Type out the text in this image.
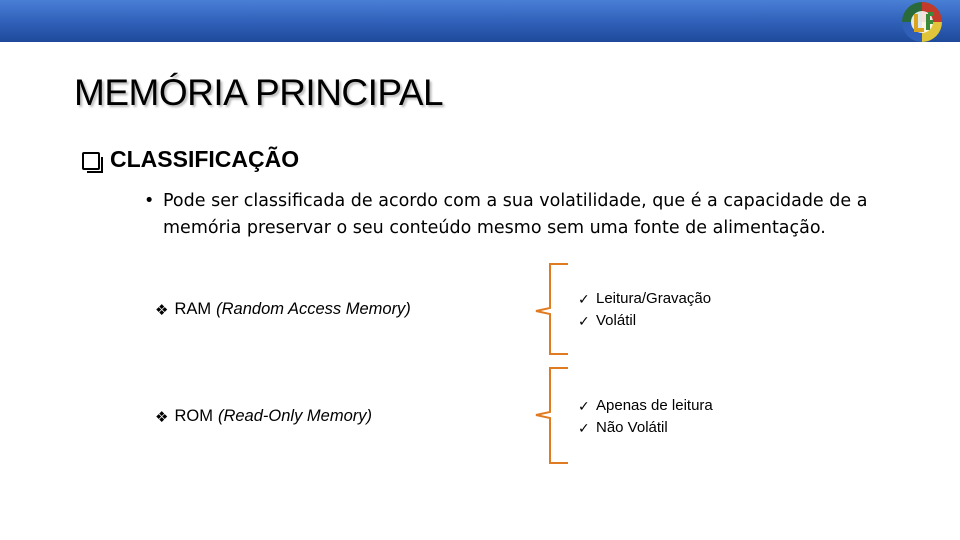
MEMÓRIA PRINCIPAL
CLASSIFICAÇÃO
• Pode ser classificada de acordo com a sua volatilidade, que é a capacidade de a memória preservar o seu conteúdo mesmo sem uma fonte de alimentação.
❖ RAM (Random Access Memory)
❖ ROM (Read-Only Memory)
✓ Leitura/Gravação
✓ Volátil
✓ Apenas de leitura
✓ Não Volátil
